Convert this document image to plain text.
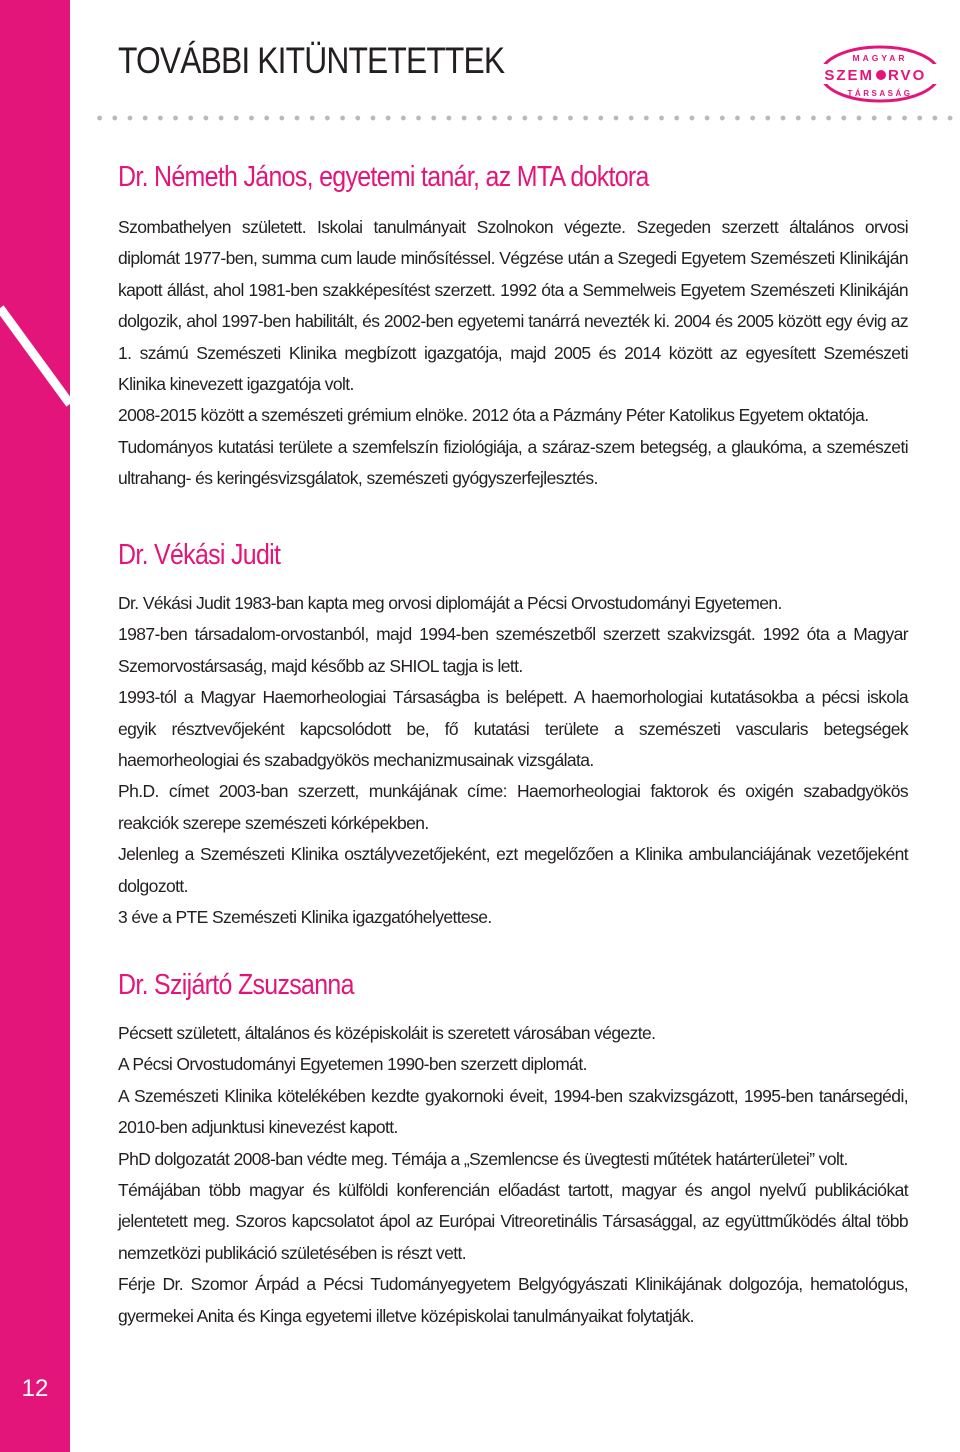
12
TOVÁBBI KITÜNTETETTEK	MAGYAR
SZEM RVO
TÁRSASÁG
Dr. Németh János, egyetemi tanár, az MTA doktora

Szombathelyen született. Iskolai tanulmányait Szolnokon végezte. Szegeden szerzett általános orvosi diplomát 1977-ben, summa cum laude minősítéssel. Végzése után a Szegedi Egyetem Szemészeti Klinikáján kapott állást, ahol 1981-ben szakképesítést szerzett. 1992 óta a Semmelweis Egyetem Szemészeti Klinikáján dolgozik, ahol 1997-ben habilitált, és 2002-ben egyetemi tanárrá nevezték ki. 2004 és 2005 között egy évig az 1. számú Szemészeti Klinika megbízott igazgatója, majd 2005 és 2014 között az egyesített Szemészeti Klinika kinevezett igazgatója volt.

2008-2015 között a szemészeti grémium elnöke. 2012 óta a Pázmány Péter Katolikus Egyetem oktatója.

Tudományos kutatási területe a szemfelszín fiziológiája, a száraz-szem betegség, a glaukóma, a szemészeti ultrahang- és keringésvizsgálatok, szemészeti gyógyszerfejlesztés.

Dr. Vékási Judit

Dr. Vékási Judit 1983-ban kapta meg orvosi diplomáját a Pécsi Orvostudományi Egyetemen.

1987-ben társadalom-orvostanból, majd 1994-ben szemészetből szerzett szakvizsgát. 1992 óta a Magyar Szemorvostársaság, majd később az SHIOL tagja is lett.

1993-tól a Magyar Haemorheologiai Társaságba is belépett. A haemorhologiai kutatásokba a pécsi iskola egyik résztvevőjeként kapcsolódott be, fő kutatási területe a szemészeti vascularis betegségek haemorheologiai és szabadgyökös mechanizmusainak vizsgálata.

Ph.D. címet 2003-ban szerzett, munkájának címe: Haemorheologiai faktorok és oxigén szabadgyökös reakciók szerepe szemészeti kórképekben.

Jelenleg a Szemészeti Klinika osztályvezetőjeként, ezt megelőzően a Klinika ambulanciájának vezetőjeként dolgozott.

3 éve a PTE Szemészeti Klinika igazgatóhelyettese.

Dr. Szijártó Zsuzsanna

Pécsett született, általános és középiskoláit is szeretett városában végezte.

A Pécsi Orvostudományi Egyetemen 1990-ben szerzett diplomát.

A Szemészeti Klinika kötelékében kezdte gyakornoki éveit, 1994-ben szakvizsgázott, 1995-ben tanársegédi, 2010-ben adjunktusi kinevezést kapott.

PhD dolgozatát 2008-ban védte meg. Témája a „Szemlencse és üvegtesti műtétek határterületei” volt.

Témájában több magyar és külföldi konferencián előadást tartott, magyar és angol nyelvű publikációkat jelentetett meg. Szoros kapcsolatot ápol az Európai Vitreoretinális Társasággal, az együttműködés által több nemzetközi publikáció születésében is részt vett.

Férje Dr. Szomor Árpád a Pécsi Tudományegyetem Belgyógyászati Klinikájának dolgozója, hematológus, gyermekei Anita és Kinga egyetemi illetve középiskolai tanulmányaikat folytatják.
